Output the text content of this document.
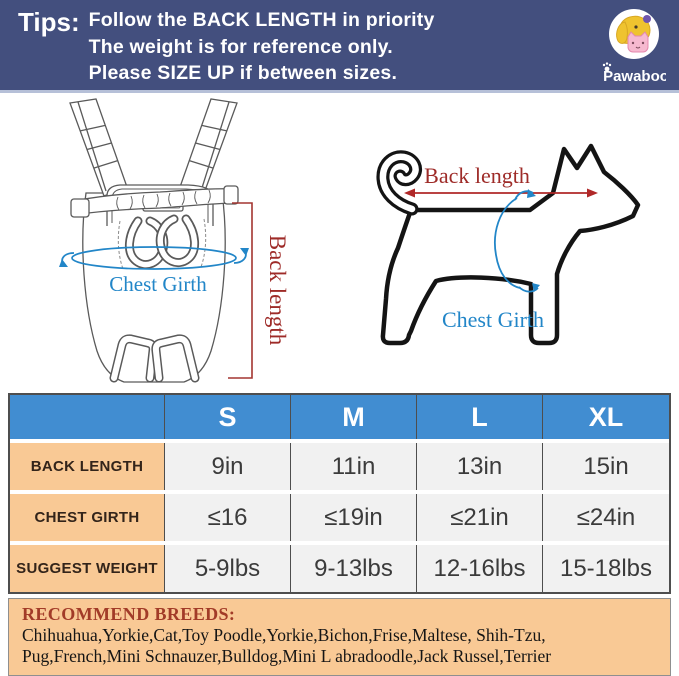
Tips: Follow the BACK LENGTH in priority
The weight is for reference only.
Please SIZE UP if between sizes.	Pawaboo
Chest Girth	Back length
Back length
Chest Girth
S	M	L	XL
BACK LENGTH	9in	11in	13in	15in
CHEST GIRTH	≤16	≤19in	≤21in	≤24in
SUGGEST WEIGHT	5-9lbs	9-13lbs	12-16lbs	15-18lbs
RECOMMEND BREEDS:
Chihuahua,Yorkie,Cat,Toy Poodle,Yorkie,Bichon,Frise,Maltese, Shih-Tzu,
Pug,French,Mini Schnauzer,Bulldog,Mini L abradoodle,Jack Russel,Terrier
